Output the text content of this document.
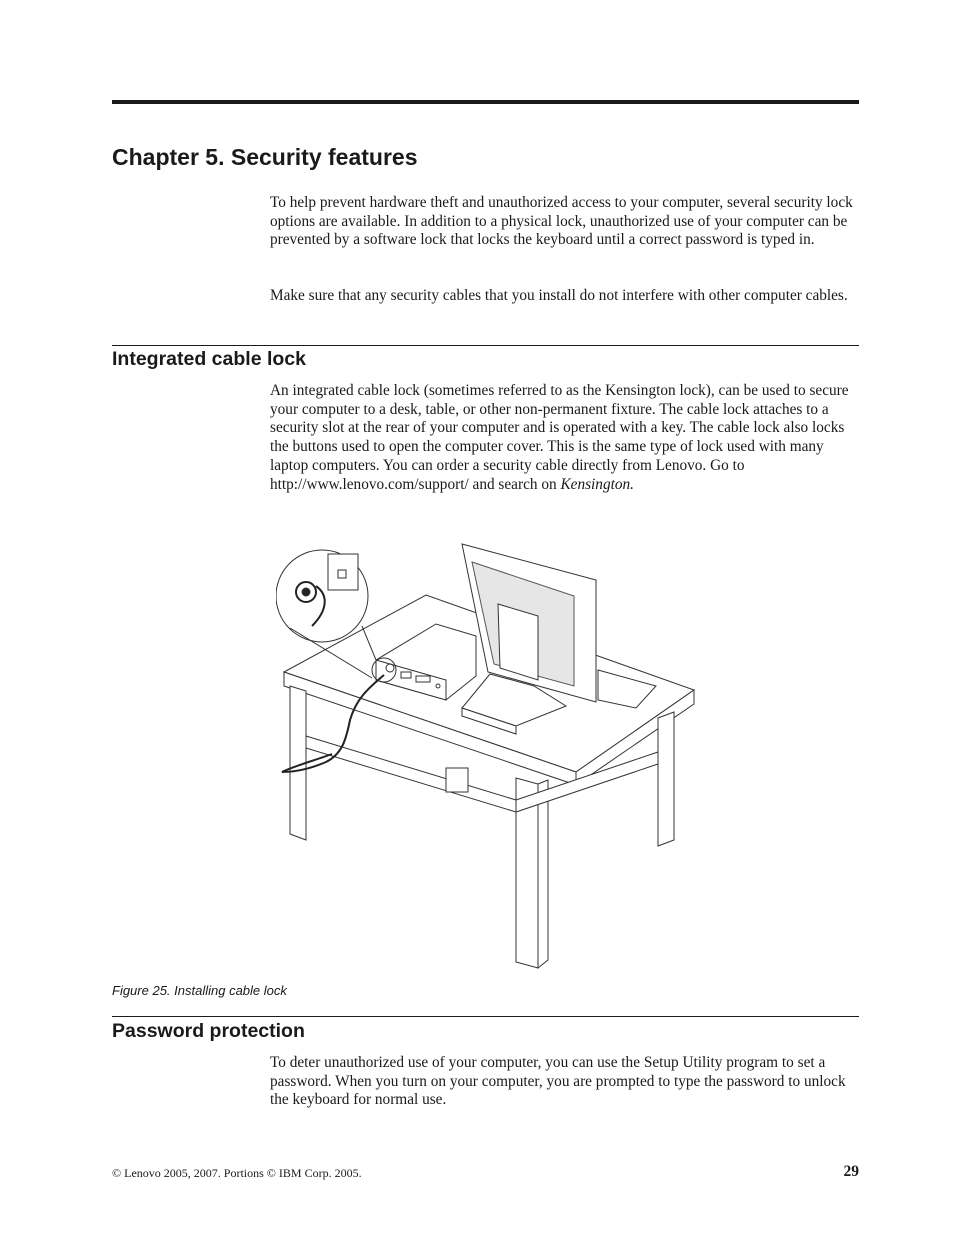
Chapter 5. Security features

To help prevent hardware theft and unauthorized access to your computer, several security lock options are available. In addition to a physical lock, unauthorized use of your computer can be prevented by a software lock that locks the keyboard until a correct password is typed in.

Make sure that any security cables that you install do not interfere with other computer cables.

Integrated cable lock

An integrated cable lock (sometimes referred to as the Kensington lock), can be used to secure your computer to a desk, table, or other non-permanent fixture. The cable lock attaches to a security slot at the rear of your computer and is operated with a key. The cable lock also locks the buttons used to open the computer cover. This is the same type of lock used with many laptop computers. You can order a security cable directly from Lenovo. Go to
http://www.lenovo.com/support/ and search on Kensington.

Figure 25. Installing cable lock

Password protection

To deter unauthorized use of your computer, you can use the Setup Utility program to set a password. When you turn on your computer, you are prompted to type the password to unlock the keyboard for normal use.

© Lenovo 2005, 2007. Portions © IBM Corp. 2005.	29
